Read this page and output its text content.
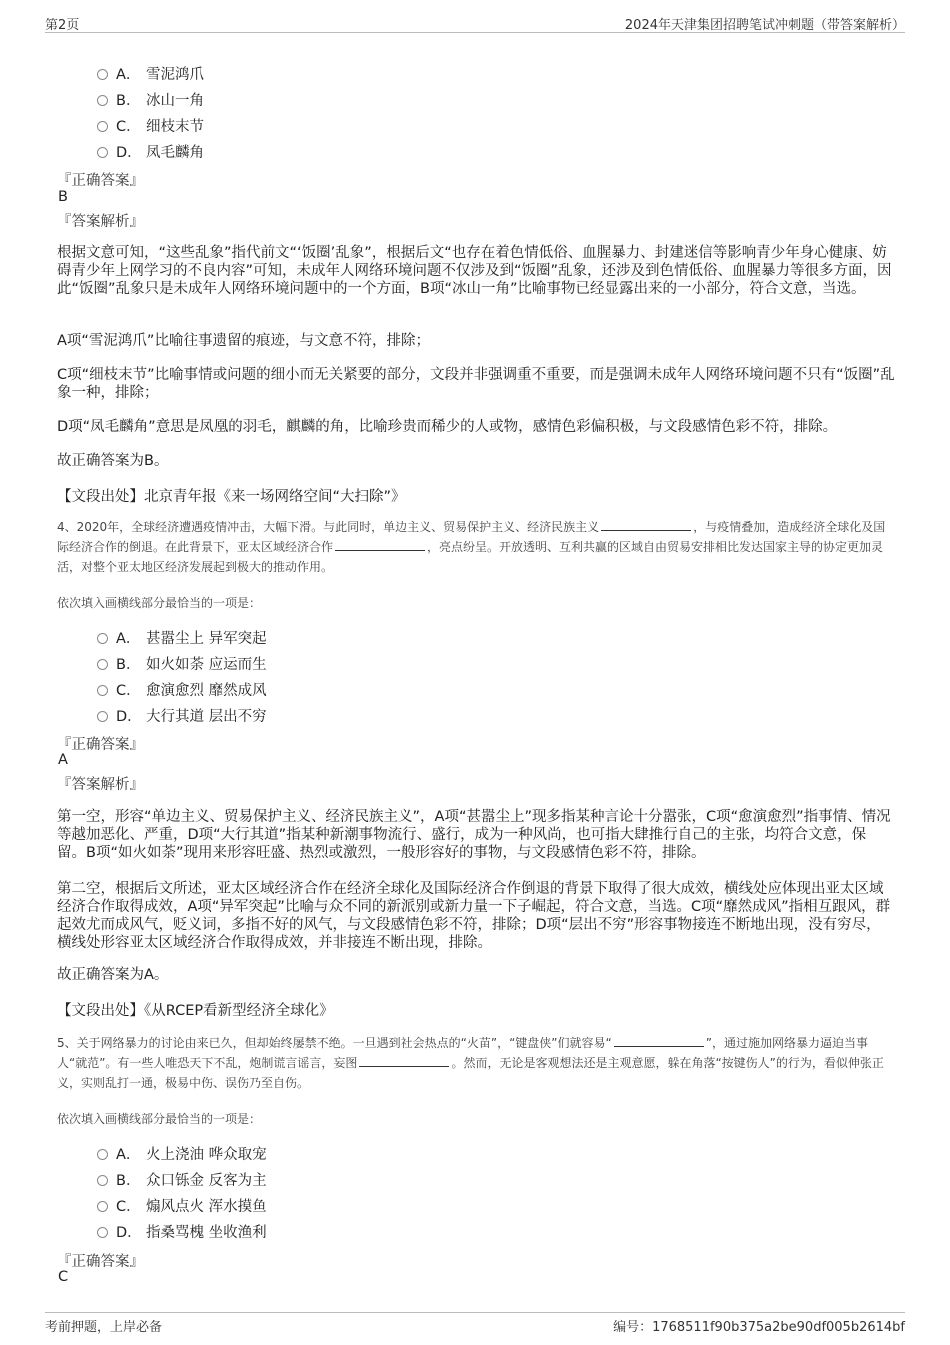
第2页	2024年天津集团招聘笔试冲刺题（带答案解析）
A． 雪泥鸿爪
B． 冰山一角
C． 细枝末节
D． 凤毛麟角
『正确答案』
B
『答案解析』
根据文意可知，“这些乱象”指代前文“‘饭圈’乱象”，根据后文“也存在着色情低俗、血腥暴力、封建迷信等影响青少年身心健康、妨碍青少年上网学习的不良内容”可知，未成年人网络环境问题不仅涉及到“饭圈”乱象，还涉及到色情低俗、血腥暴力等很多方面，因此“饭圈”乱象只是未成年人网络环境问题中的一个方面，B项“冰山一角”比喻事物已经显露出来的一小部分，符合文意，当选。
A项“雪泥鸿爪”比喻往事遗留的痕迹，与文意不符，排除；
C项“细枝末节”比喻事情或问题的细小而无关紧要的部分，文段并非强调重不重要，而是强调未成年人网络环境问题不只有“饭圈”乱象一种，排除；
D项“凤毛麟角”意思是凤凰的羽毛，麒麟的角，比喻珍贵而稀少的人或物，感情色彩偏积极，与文段感情色彩不符，排除。
故正确答案为B。
【文段出处】北京青年报《来一场网络空间“大扫除”》
4、2020年，全球经济遭遇疫情冲击，大幅下滑。与此同时，单边主义、贸易保护主义、经济民族主义	，与疫情叠加，造成经济全球化及国际经济合作的倒退。在此背景下，亚太区域经济合作	，亮点纷呈。开放透明、互利共赢的区域自由贸易安排相比发达国家主导的协定更加灵活，对整个亚太地区经济发展起到极大的推动作用。
依次填入画横线部分最恰当的一项是：
A． 甚嚣尘上 异军突起
B． 如火如荼 应运而生
C． 愈演愈烈 靡然成风
D． 大行其道 层出不穷
『正确答案』
A
『答案解析』
第一空，形容“单边主义、贸易保护主义、经济民族主义”，A项“甚嚣尘上”现多指某种言论十分嚣张，C项“愈演愈烈”指事情、情况等越加恶化、严重，D项“大行其道”指某种新潮事物流行、盛行，成为一种风尚，也可指大肆推行自己的主张，均符合文意，保留。B项“如火如荼”现用来形容旺盛、热烈或激烈，一般形容好的事物，与文段感情色彩不符，排除。
第二空，根据后文所述，亚太区域经济合作在经济全球化及国际经济合作倒退的背景下取得了很大成效，横线处应体现出亚太区域经济合作取得成效，A项“异军突起”比喻与众不同的新派别或新力量一下子崛起，符合文意，当选。C项“靡然成风”指相互跟风，群起效尤而成风气，贬义词，多指不好的风气，与文段感情色彩不符，排除；D项“层出不穷”形容事物接连不断地出现，没有穷尽，横线处形容亚太区域经济合作取得成效，并非接连不断出现，排除。
故正确答案为A。
【文段出处】《从RCEP看新型经济全球化》
5、关于网络暴力的讨论由来已久，但却始终屡禁不绝。一旦遇到社会热点的“火苗”，“键盘侠”们就容易“	”，通过施加网络暴力逼迫当事人“就范”。有一些人唯恐天下不乱，炮制谎言谣言，妄图	。然而，无论是客观想法还是主观意愿，躲在角落“按键伤人”的行为，看似伸张正义，实则乱打一通，极易中伤、误伤乃至自伤。
依次填入画横线部分最恰当的一项是：
A． 火上浇油 哗众取宠
B． 众口铄金 反客为主
C． 煽风点火 浑水摸鱼
D． 指桑骂槐 坐收渔利
『正确答案』
C
考前押题，上岸必备	编号：1768511f90b375a2be90df005b2614bf
